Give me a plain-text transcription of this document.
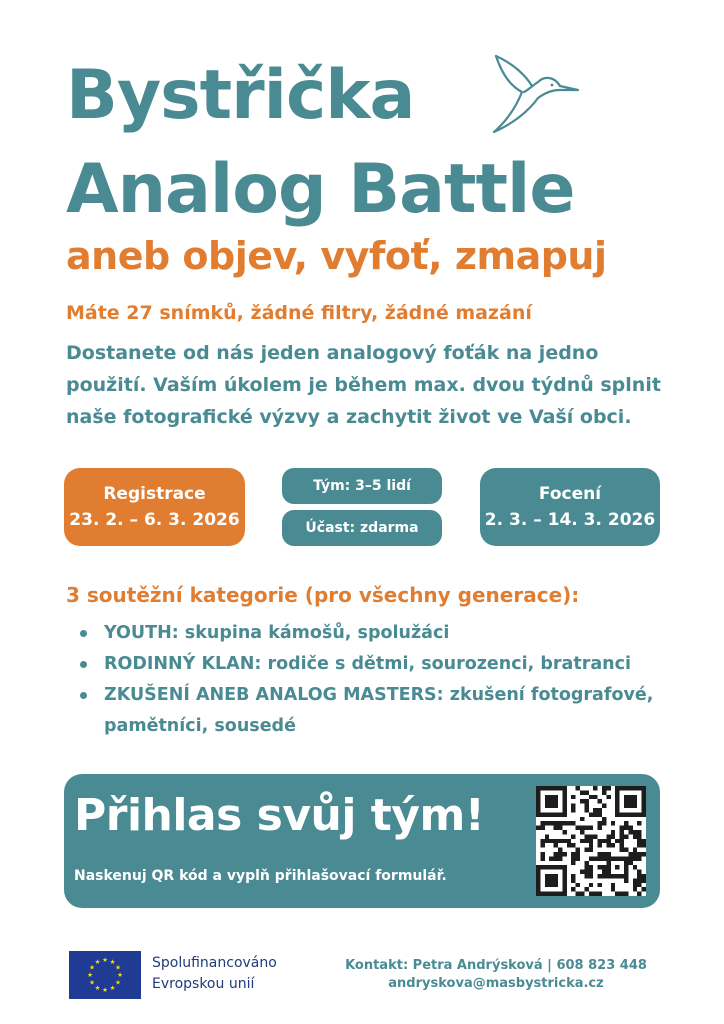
Bystřička
Analog Battle
aneb objev, vyfoť, zmapuj
Máte 27 snímků, žádné filtry, žádné mazání
Dostanete od nás jeden analogový foťák na jedno použití. Vaším úkolem je během max. dvou týdnů splnit naše fotografické výzvy a zachytit život ve Vaší obci.
Registrace
23. 2. – 6. 3. 2026
Tým: 3–5 lidí
Účast: zdarma
Focení
2. 3. – 14. 3. 2026
3 soutěžní kategorie (pro všechny generace):
YOUTH: skupina kámošů, spolužáci
RODINNÝ KLAN: rodiče s dětmi, sourozenci, bratranci
ZKUŠENÍ ANEB ANALOG MASTERS: zkušení fotografové, pamětníci, sousedé
Přihlas svůj tým!
Naskenuj QR kód a vyplň přihlašovací formulář.
★
★
★
★
★
★
★
★
★ ★ ★
★ Spolufinancováno
Evropskou unií
Kontakt: Petra Andrýsková | 608 823 448
andryskova@masbystricka.cz
